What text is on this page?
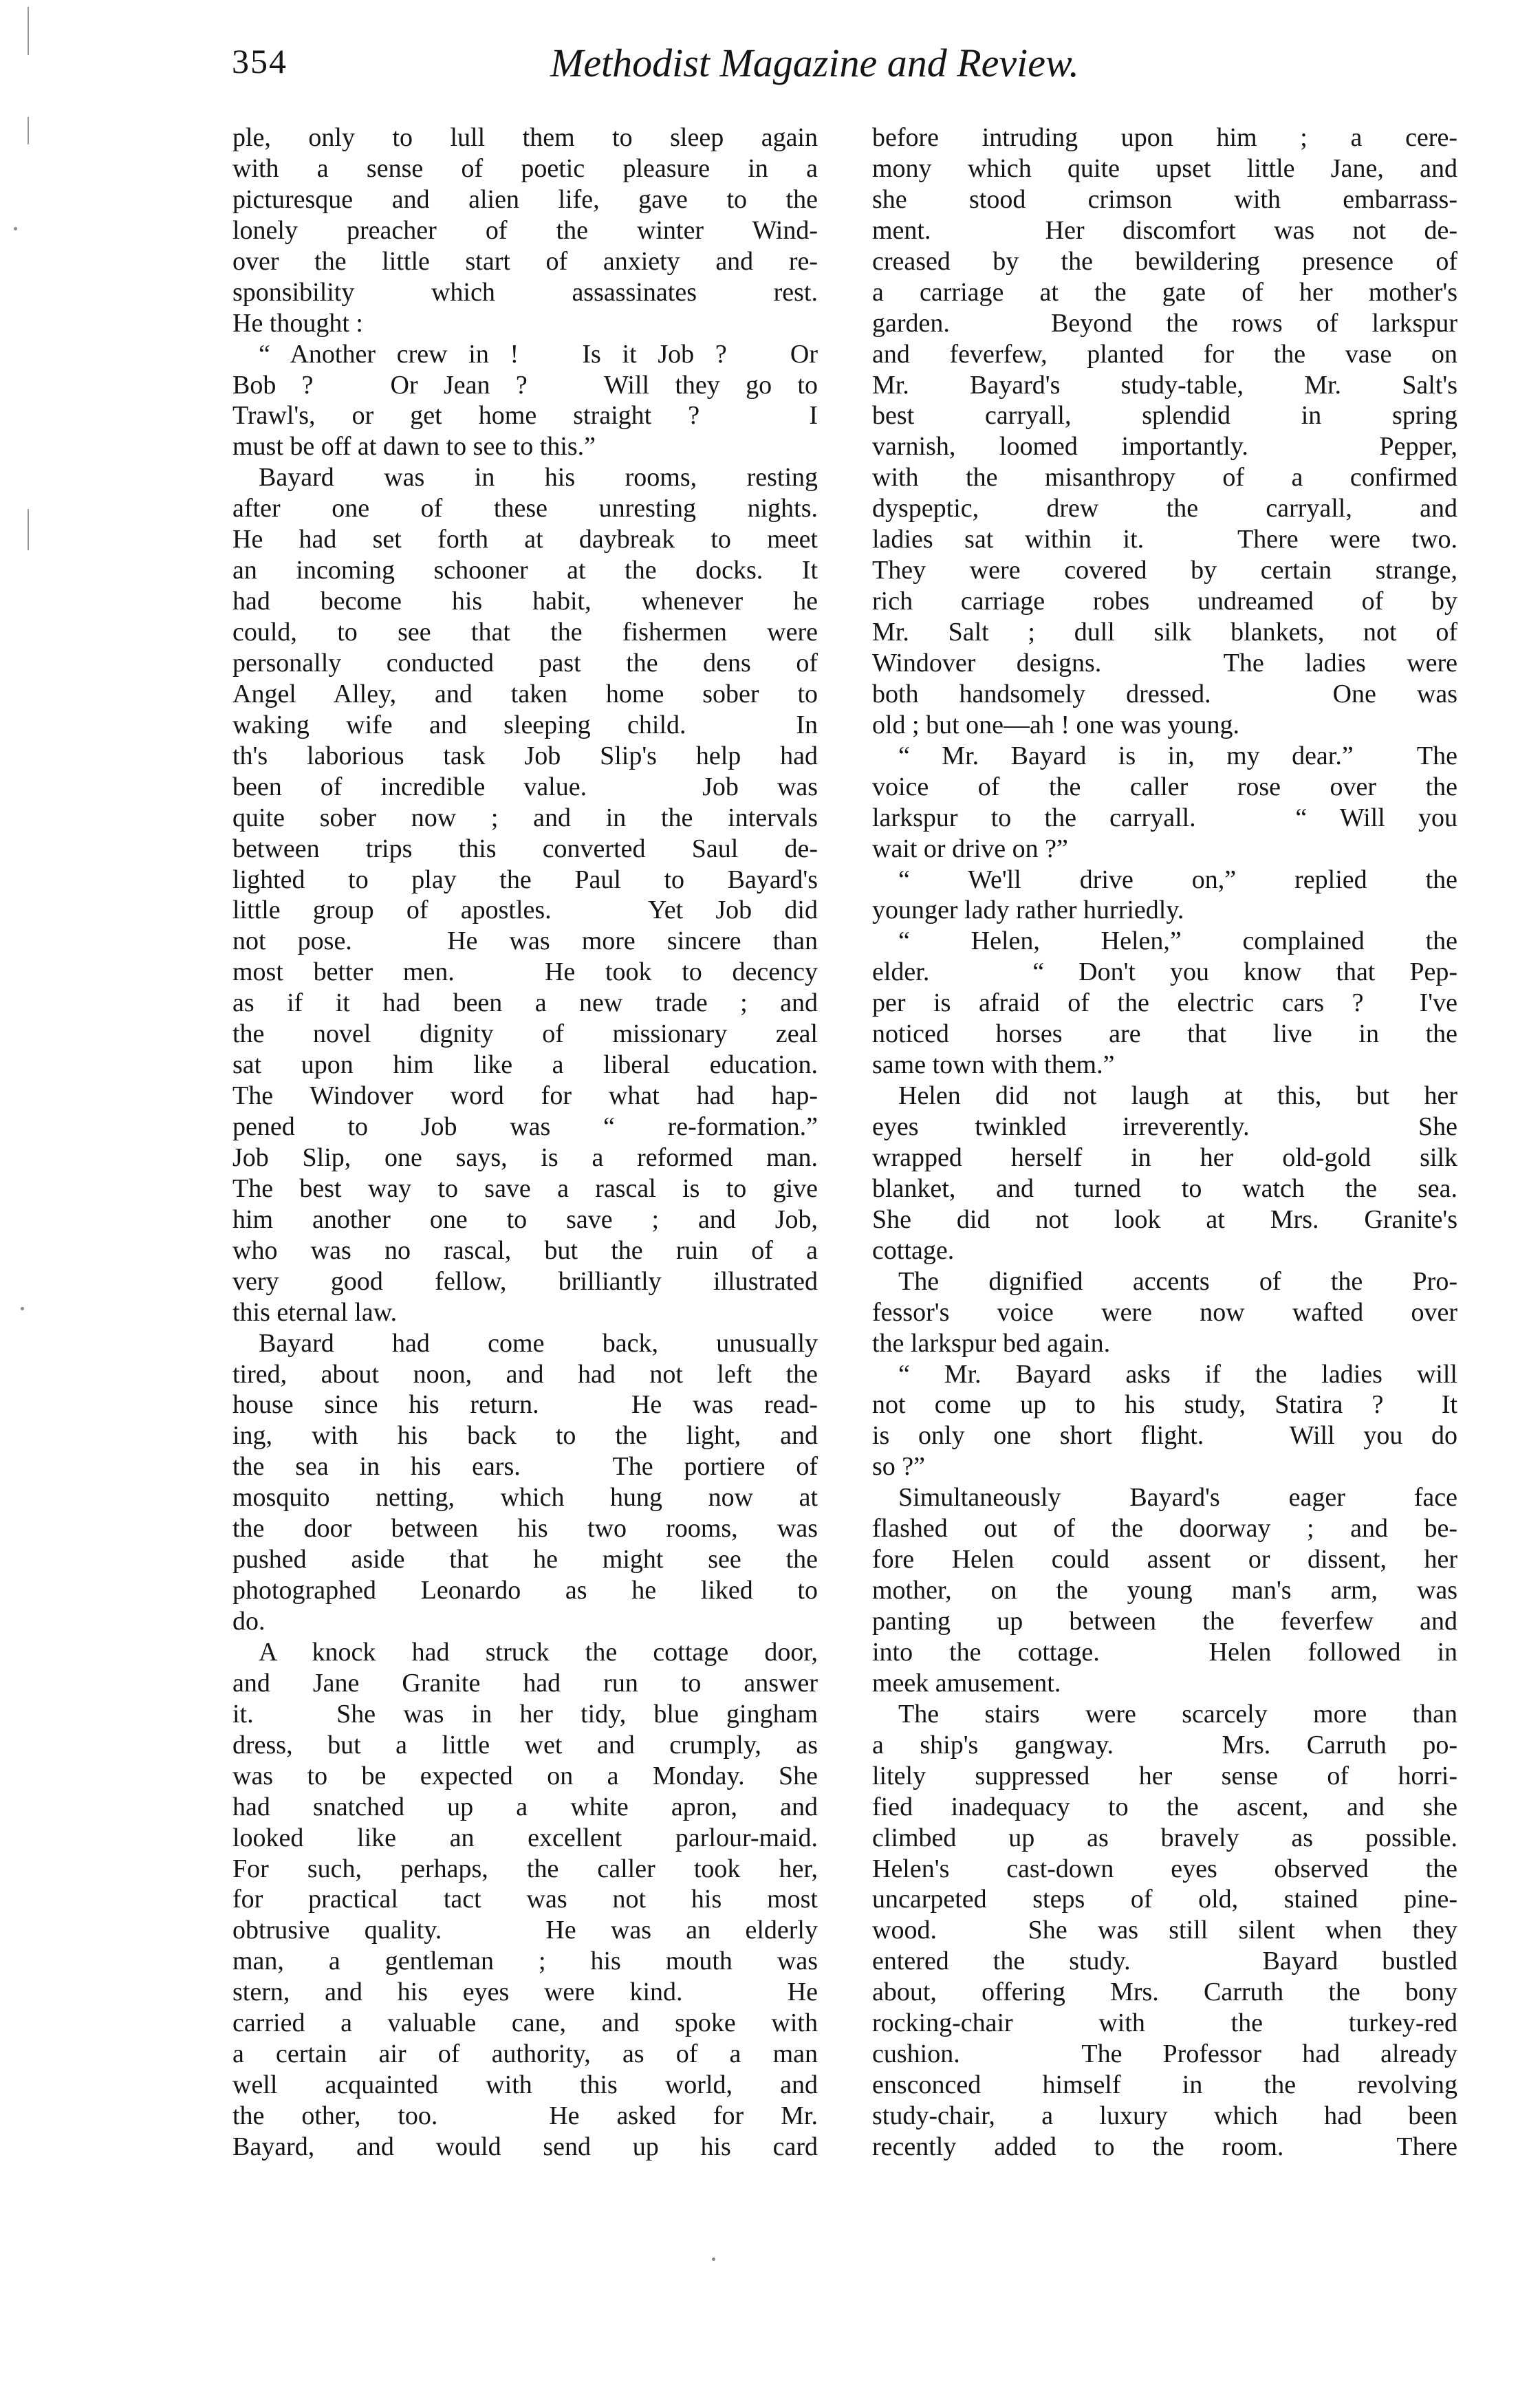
354	Methodist Magazine and Review.
ple, only to lull them to sleep again
with a sense of poetic pleasure in a
picturesque and alien life, gave to the
lonely preacher of the winter Wind-
over the little start of anxiety and re-
sponsibility which assassinates rest.
He thought :
“ Another crew in !   Is it Job ?   Or
Bob ?   Or Jean ?   Will they go to
Trawl's, or get home straight ?   I
must be off at dawn to see to this.”
Bayard was in his rooms, resting
after one of these unresting nights.
He had set forth at daybreak to meet
an incoming schooner at the docks. It
had become his habit, whenever he
could, to see that the fishermen were
personally conducted past the dens of
Angel Alley, and taken home sober to
waking wife and sleeping child.   In
th's laborious task Job Slip's help had
been of incredible value.   Job was
quite sober now ; and in the intervals
between trips this converted Saul de-
lighted to play the Paul to Bayard's
little group of apostles.   Yet Job did
not pose.   He was more sincere than
most better men.   He took to decency
as if it had been a new trade ; and
the novel dignity of missionary zeal
sat upon him like a liberal education.
The Windover word for what had hap-
pened to Job was “ re-formation.”
Job Slip, one says, is a reformed man.
The best way to save a rascal is to give
him another one to save ; and Job,
who was no rascal, but the ruin of a
very good fellow, brilliantly illustrated
this eternal law.
Bayard had come back, unusually
tired, about noon, and had not left the
house since his return.   He was read-
ing, with his back to the light, and
the sea in his ears.   The portiere of
mosquito netting, which hung now at
the door between his two rooms, was
pushed aside that he might see the
photographed Leonardo as he liked to
do.
A knock had struck the cottage door,
and Jane Granite had run to answer
it.   She was in her tidy, blue gingham
dress, but a little wet and crumply, as
was to be expected on a Monday. She
had snatched up a white apron, and
looked like an excellent parlour-maid.
For such, perhaps, the caller took her,
for practical tact was not his most
obtrusive quality.   He was an elderly
man, a gentleman ; his mouth was
stern, and his eyes were kind.   He
carried a valuable cane, and spoke with
a certain air of authority, as of a man
well acquainted with this world, and
the other, too.   He asked for Mr.
Bayard, and would send up his card
before intruding upon him ; a cere-
mony which quite upset little Jane, and
she stood crimson with embarrass-
ment.   Her discomfort was not de-
creased by the bewildering presence of
a carriage at the gate of her mother's
garden.   Beyond the rows of larkspur
and feverfew, planted for the vase on
Mr. Bayard's study-table, Mr. Salt's
best carryall, splendid in spring
varnish, loomed importantly.   Pepper,
with the misanthropy of a confirmed
dyspeptic, drew the carryall, and
ladies sat within it.   There were two.
They were covered by certain strange,
rich carriage robes undreamed of by
Mr. Salt ; dull silk blankets, not of
Windover designs.   The ladies were
both handsomely dressed.   One was
old ; but one—ah ! one was young.
“ Mr. Bayard is in, my dear.”  The
voice of the caller rose over the
larkspur to the carryall.   “ Will you
wait or drive on ?”
“ We'll drive on,” replied the
younger lady rather hurriedly.
“ Helen, Helen,” complained the
elder.   “ Don't you know that Pep-
per is afraid of the electric cars ?  I've
noticed horses are that live in the
same town with them.”
Helen did not laugh at this, but her
eyes twinkled irreverently.   She
wrapped herself in her old-gold silk
blanket, and turned to watch the sea.
She did not look at Mrs. Granite's
cottage.
The dignified accents of the Pro-
fessor's voice were now wafted over
the larkspur bed again.
“ Mr. Bayard asks if the ladies will
not come up to his study, Statira ?  It
is only one short flight.   Will you do
so ?”
Simultaneously Bayard's eager face
flashed out of the doorway ; and be-
fore Helen could assent or dissent, her
mother, on the young man's arm, was
panting up between the feverfew and
into the cottage.   Helen followed in
meek amusement.
The stairs were scarcely more than
a ship's gangway.   Mrs. Carruth po-
litely suppressed her sense of horri-
fied inadequacy to the ascent, and she
climbed up as bravely as possible.
Helen's cast-down eyes observed the
uncarpeted steps of old, stained pine-
wood.   She was still silent when they
entered the study.   Bayard bustled
about, offering Mrs. Carruth the bony
rocking-chair with the turkey-red
cushion.   The Professor had already
ensconced himself in the revolving
study-chair, a luxury which had been
recently added to the room.   There
